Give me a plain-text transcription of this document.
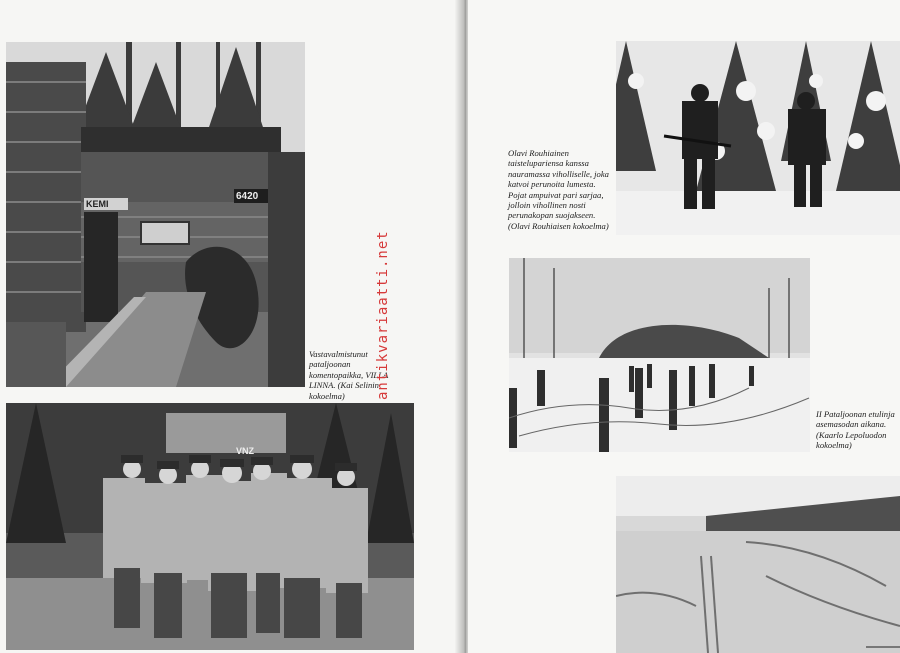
KEMI
6420

Vastavalmistunut pataljoonan komentopaikka, VILLA LINNA. (Kai Selinin kokoelma)

VNZ

Olavi Rouhiainen taistelupariensa kanssa nauramassa viholliselle, joka katvoi perunoita lumesta. Pojat ampuivat pari sarjaa, jolloin vihollinen nosti perunakopan suojakseen. (Olavi Rouhiaisen kokoelma)

II Pataljoonan etulinja asemasodan aikana. (Kaarlo Lepoluodon kokoelma)

antikvariaatti.net
